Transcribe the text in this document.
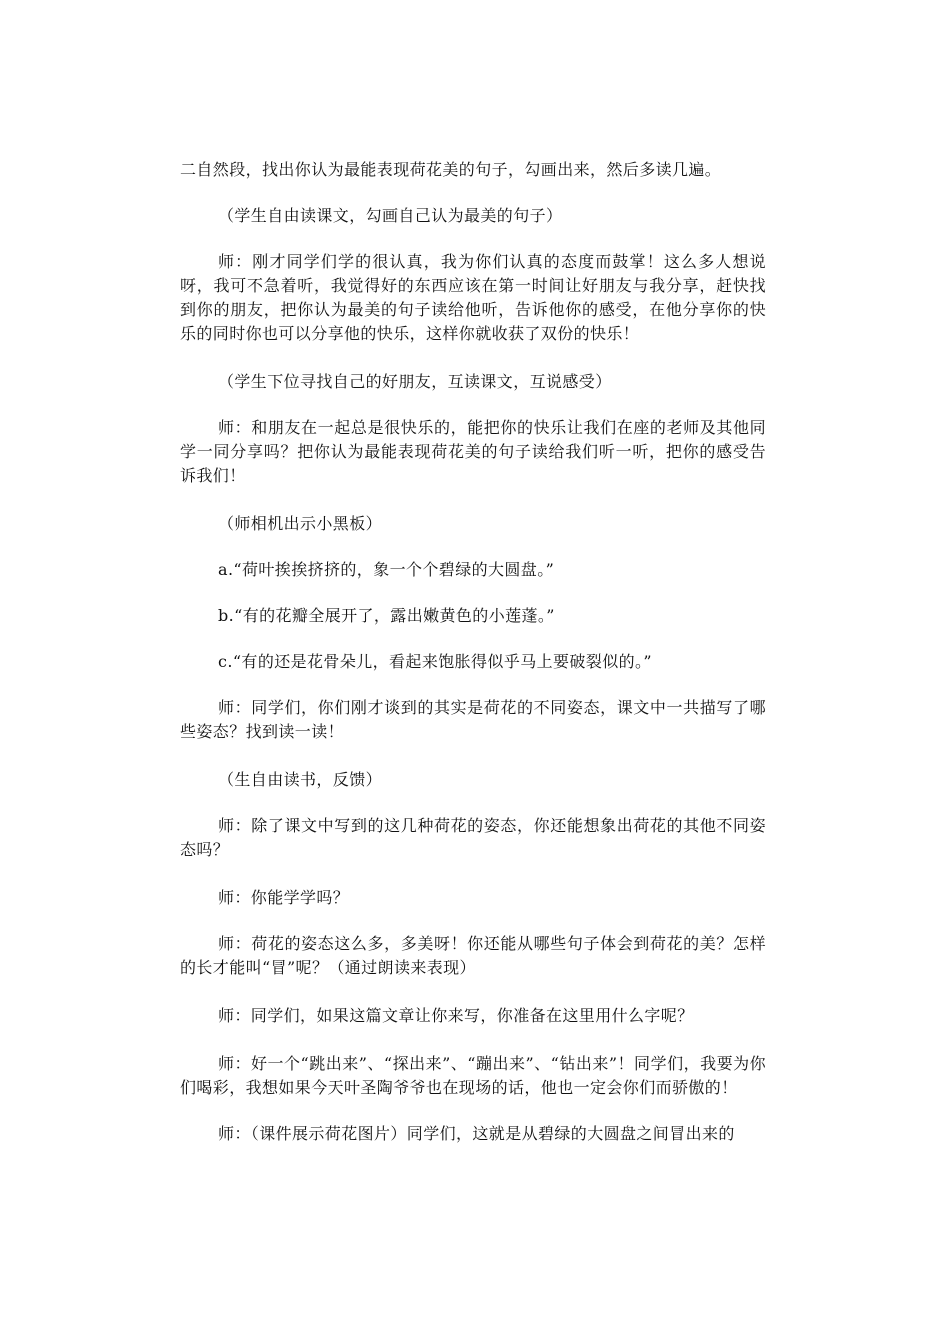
二自然段，找出你认为最能表现荷花美的句子，勾画出来，然后多读几遍。

（学生自由读课文，勾画自己认为最美的句子）

师：刚才同学们学的很认真，我为你们认真的态度而鼓掌！这么多人想说呀，我可不急着听，我觉得好的东西应该在第一时间让好朋友与我分享，赶快找到你的朋友，把你认为最美的句子读给他听，告诉他你的感受，在他分享你的快乐的同时你也可以分享他的快乐，这样你就收获了双份的快乐！

（学生下位寻找自己的好朋友，互读课文，互说感受）

师：和朋友在一起总是很快乐的，能把你的快乐让我们在座的老师及其他同学一同分享吗？把你认为最能表现荷花美的句子读给我们听一听，把你的感受告诉我们！

（师相机出示小黑板）

a.“荷叶挨挨挤挤的，象一个个碧绿的大圆盘。”

b.“有的花瓣全展开了，露出嫩黄色的小莲蓬。”

c.“有的还是花骨朵儿，看起来饱胀得似乎马上要破裂似的。”

师：同学们，你们刚才谈到的其实是荷花的不同姿态，课文中一共描写了哪些姿态？找到读一读！

（生自由读书，反馈）

师：除了课文中写到的这几种荷花的姿态，你还能想象出荷花的其他不同姿态吗？

师：你能学学吗？

师：荷花的姿态这么多，多美呀！你还能从哪些句子体会到荷花的美？怎样的长才能叫“冒”呢？（通过朗读来表现）

师：同学们，如果这篇文章让你来写，你准备在这里用什么字呢？

师：好一个“跳出来”、“探出来”、“蹦出来”、“钻出来”！同学们，我要为你们喝彩，我想如果今天叶圣陶爷爷也在现场的话，他也一定会你们而骄傲的！

师：（课件展示荷花图片）同学们，这就是从碧绿的大圆盘之间冒出来的
